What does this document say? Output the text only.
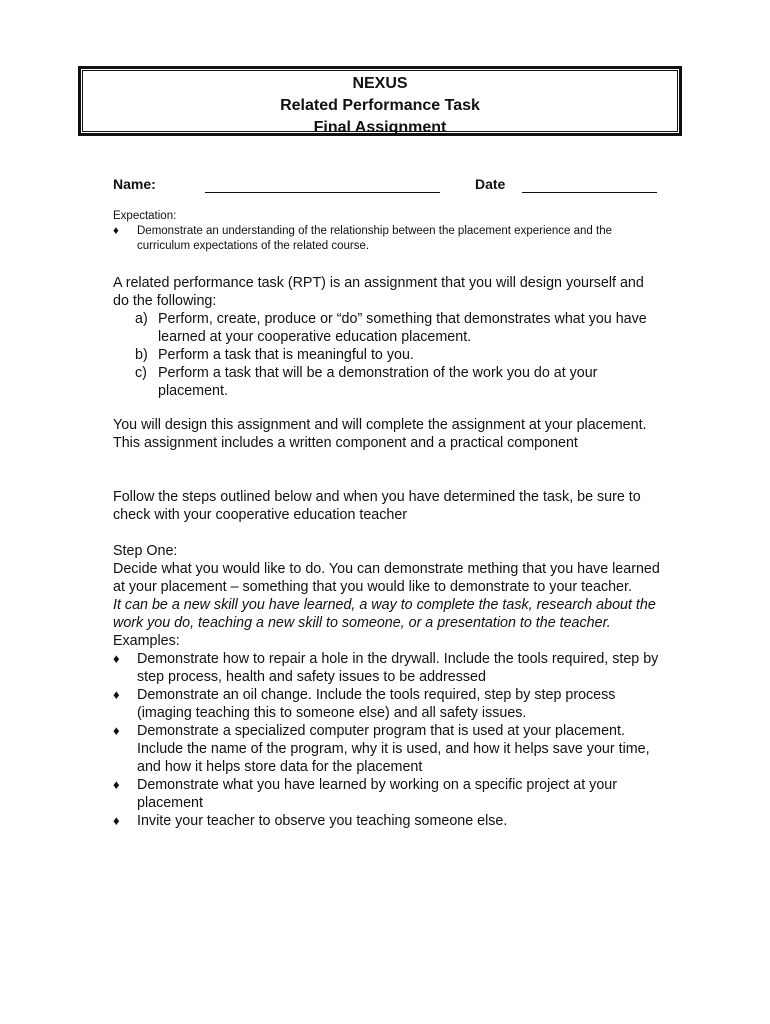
NEXUS
Related Performance Task
Final Assignment
Name:	Date
Expectation:
♦ Demonstrate an understanding of the relationship between the placement experience and the curriculum expectations of the related course.

A related performance task (RPT) is an assignment that you will design yourself and do the following:

a) Perform, create, produce or “do” something that demonstrates what you have learned at your cooperative education placement.
b) Perform a task that is meaningful to you.
c) Perform a task that will be a demonstration of the work you do at your placement.

You will design this assignment and will complete the assignment at your placement. This assignment includes a written component and a practical component

Follow the steps outlined below and when you have determined the task, be sure to check with your cooperative education teacher

Step One:

Decide what you would like to do. You can demonstrate mething that you have learned at your placement – something that you would like to demonstrate to your teacher.

It can be a new skill you have learned, a way to complete the task, research about the work you do, teaching a new skill to someone, or a presentation to the teacher.

Examples:

♦ Demonstrate how to repair a hole in the drywall. Include the tools required, step by step process, health and safety issues to be addressed
♦ Demonstrate an oil change. Include the tools required, step by step process (imaging teaching this to someone else) and all safety issues.
♦ Demonstrate a specialized computer program that is used at your placement. Include the name of the program, why it is used, and how it helps save your time, and how it helps store data for the placement
♦ Demonstrate what you have learned by working on a specific project at your placement
♦ Invite your teacher to observe you teaching someone else.
